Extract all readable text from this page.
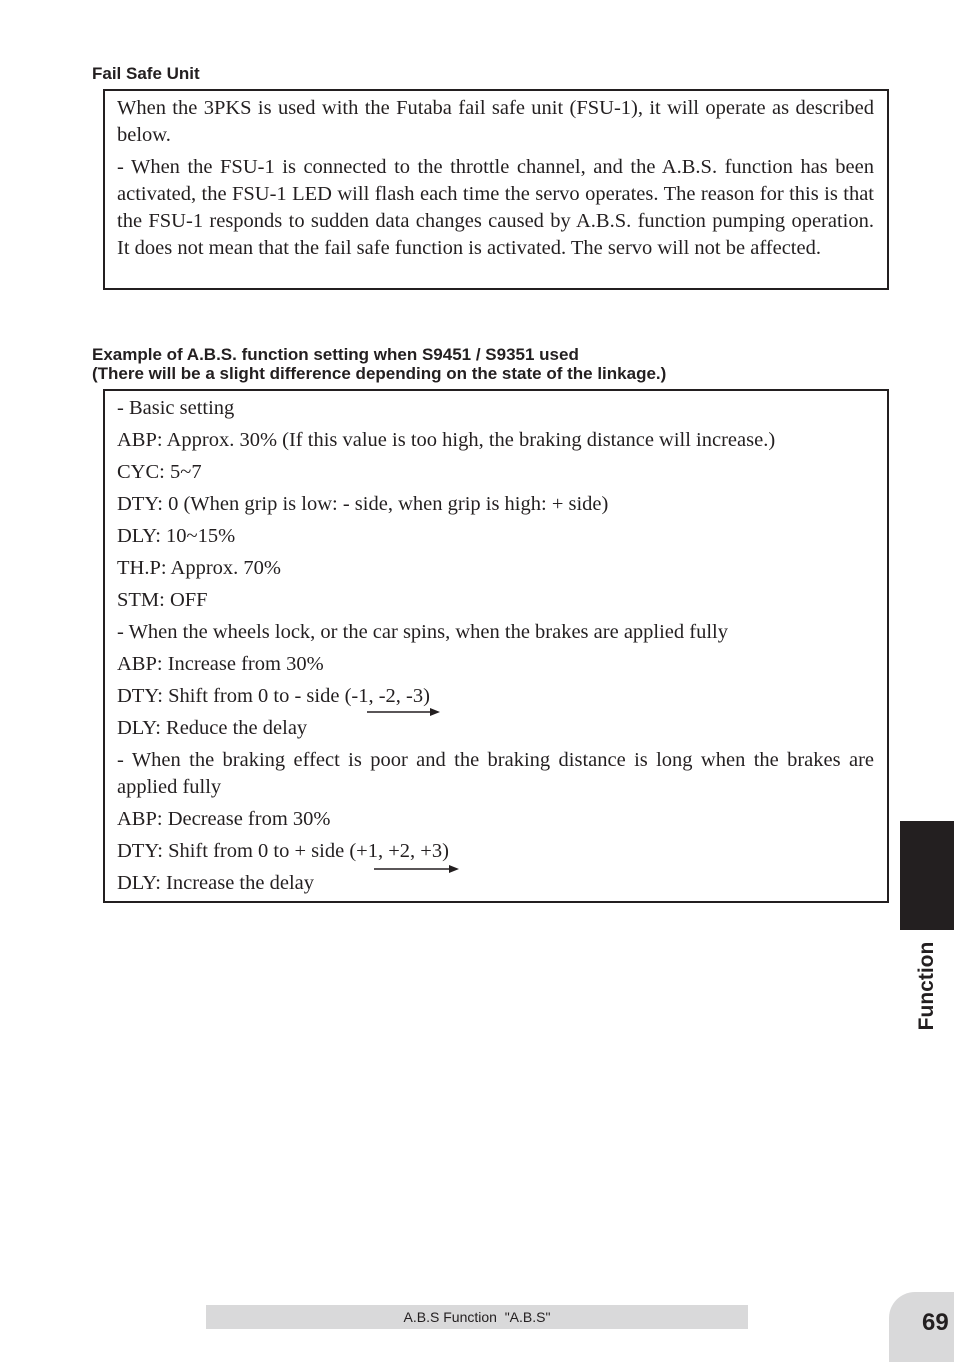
Fail Safe Unit

When the 3PKS is used with the Futaba fail safe unit (FSU-1), it will operate as described below.

- When the FSU-1 is connected to the throttle channel, and the A.B.S. function has been activated, the FSU-1 LED will flash each time the servo operates. The reason for this is that the FSU-1 responds to sudden data changes caused by A.B.S. function pumping operation. It does not mean that the fail safe function is activated. The servo will not be affected.

Example of A.B.S. function setting when S9451 / S9351 used
(There will be a slight difference depending on the state of the linkage.)

- Basic setting

ABP: Approx. 30% (If this value is too high, the braking distance will increase.)

CYC: 5~7

DTY: 0 (When grip is low: - side, when grip is high: + side)

DLY: 10~15%

TH.P: Approx. 70%

STM: OFF

- When the wheels lock, or the car spins, when the brakes are applied fully

ABP: Increase from 30%

DTY: Shift from 0 to - side (-1, -2, -3)

DLY: Reduce the delay

- When the braking effect is poor and the braking distance is long when the brakes are applied fully

ABP: Decrease from 30%

DTY: Shift from 0 to + side (+1, +2, +3)

DLY: Increase the delay

Function
A.B.S Function  "A.B.S"	69
